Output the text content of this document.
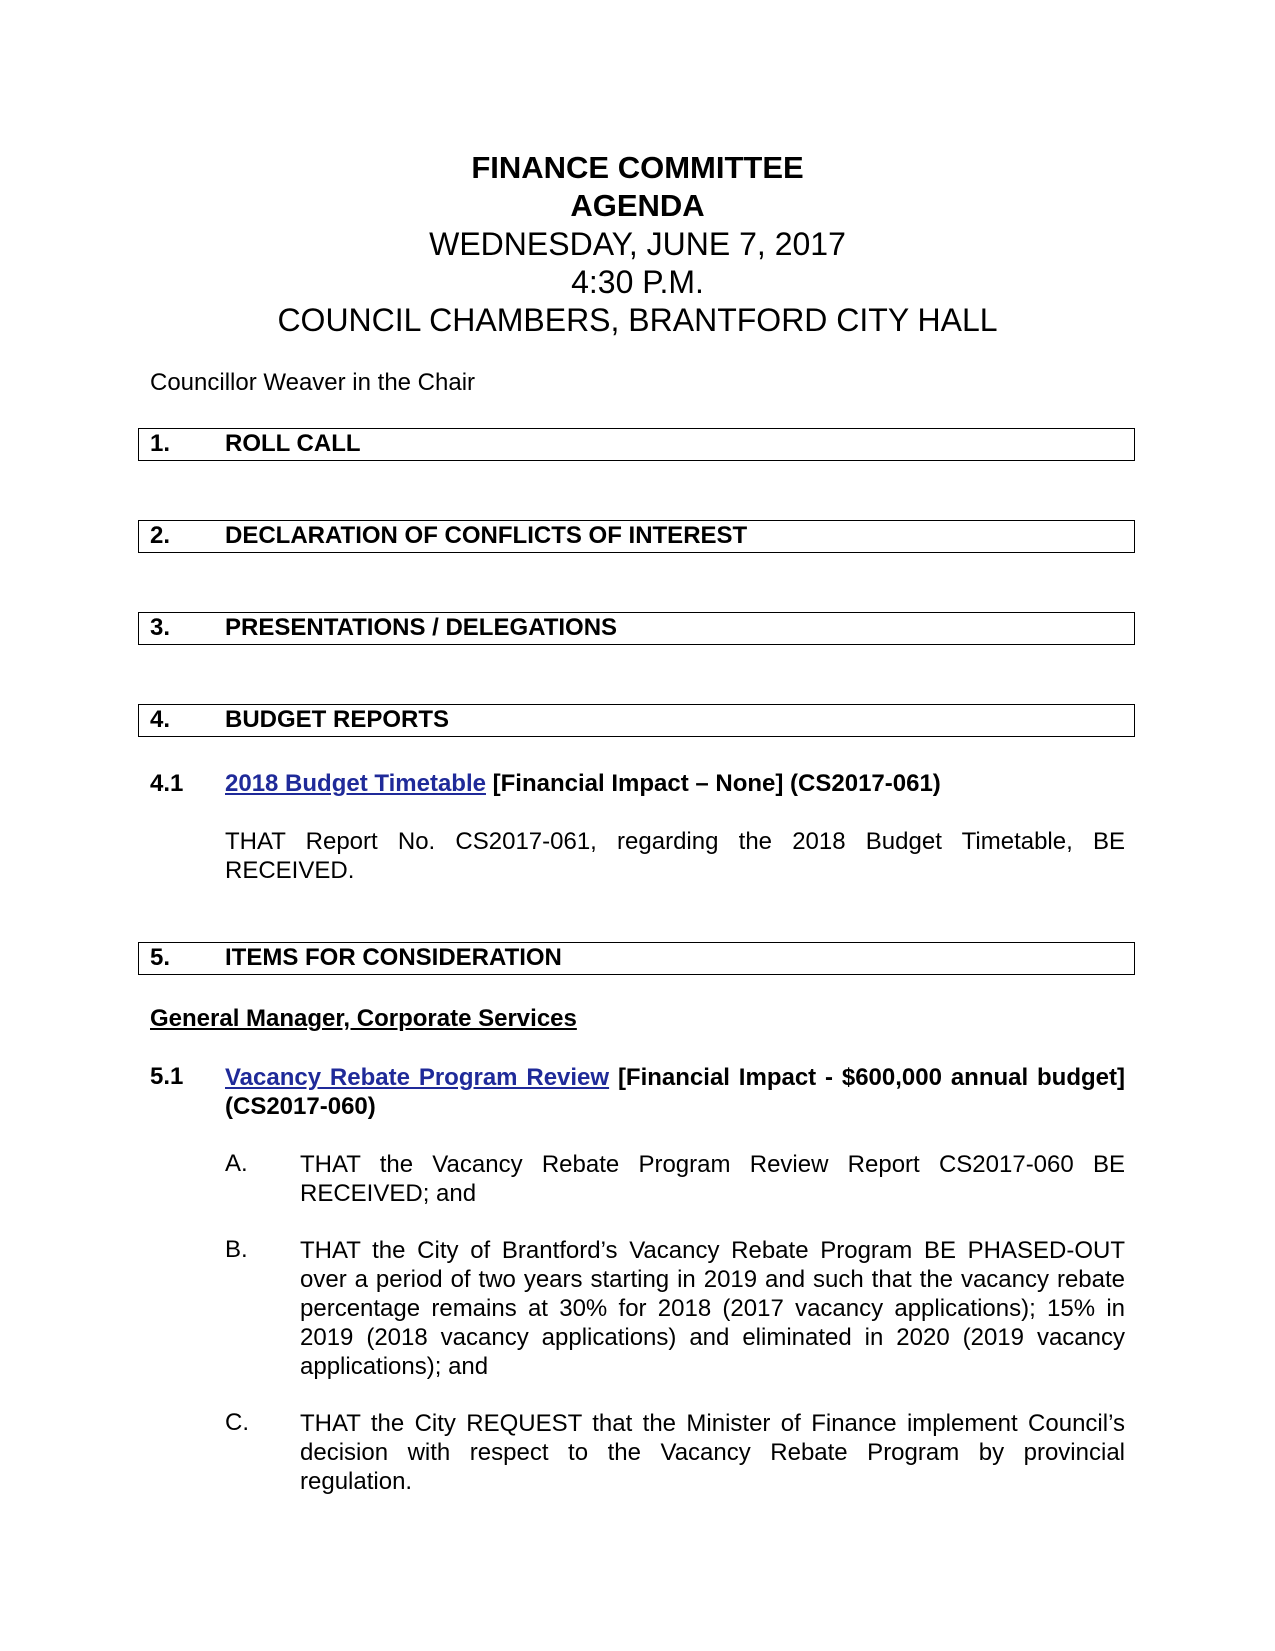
FINANCE COMMITTEE
AGENDA
WEDNESDAY, JUNE 7, 2017
4:30 P.M.
COUNCIL CHAMBERS, BRANTFORD CITY HALL
Councillor Weaver in the Chair
1. ROLL CALL
2. DECLARATION OF CONFLICTS OF INTEREST
3. PRESENTATIONS / DELEGATIONS
4. BUDGET REPORTS
4.1 2018 Budget Timetable [Financial Impact – None] (CS2017-061)
THAT Report No. CS2017-061, regarding the 2018 Budget Timetable, BE RECEIVED.
5. ITEMS FOR CONSIDERATION
General Manager, Corporate Services
5.1 Vacancy Rebate Program Review [Financial Impact - $600,000 annual budget] (CS2017-060)
A. THAT the Vacancy Rebate Program Review Report CS2017-060 BE RECEIVED; and
B. THAT the City of Brantford’s Vacancy Rebate Program BE PHASED-OUT over a period of two years starting in 2019 and such that the vacancy rebate percentage remains at 30% for 2018 (2017 vacancy applications); 15% in 2019 (2018 vacancy applications) and eliminated in 2020 (2019 vacancy applications); and
C. THAT the City REQUEST that the Minister of Finance implement Council’s decision with respect to the Vacancy Rebate Program by provincial regulation.
